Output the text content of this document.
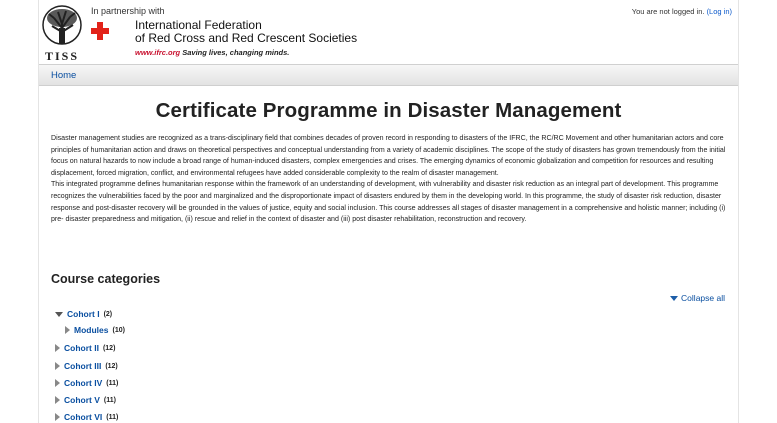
TISS
In partnership with
International Federation
of Red Cross and Red Crescent Societies
www.ifrc.org Saving lives, changing minds.
You are not logged in. (Log in)
Home
Certificate Programme in Disaster Management

Disaster management studies are recognized as a trans-disciplinary field that combines decades of proven record in responding to disasters of the IFRC, the RC/RC Movement and other humanitarian actors and core principles of humanitarian action and draws on theoretical perspectives and conceptual understanding from a variety of academic disciplines. The scope of the study of disasters has grown tremendously from the initial focus on natural hazards to now include a broad range of human-induced disasters, complex emergencies and crises. The emerging dynamics of economic globalization and competition for resources and resulting displacement, forced migration, conflict, and environmental refugees have added considerable complexity to the realm of disaster management.

This integrated programme defines humanitarian response within the framework of an understanding of development, with vulnerability and disaster risk reduction as an integral part of development. This programme recognizes the vulnerabilities faced by the poor and marginalized and the disproportionate impact of disasters endured by them in the developing world. In this programme, the study of disaster risk reduction, disaster response and post-disaster recovery will be grounded in the values of justice, equity and social inclusion. This course addresses all stages of disaster management in a comprehensive and holistic manner; including (i) pre- disaster preparedness and mitigation, (ii) rescue and relief in the context of disaster and (iii) post disaster rehabilitation, reconstruction and recovery.

Course categories
Collapse all
Cohort I (2)
Modules (10)
Cohort II (12)
Cohort III (12)
Cohort IV (11)
Cohort V (11)
Cohort VI (11)
